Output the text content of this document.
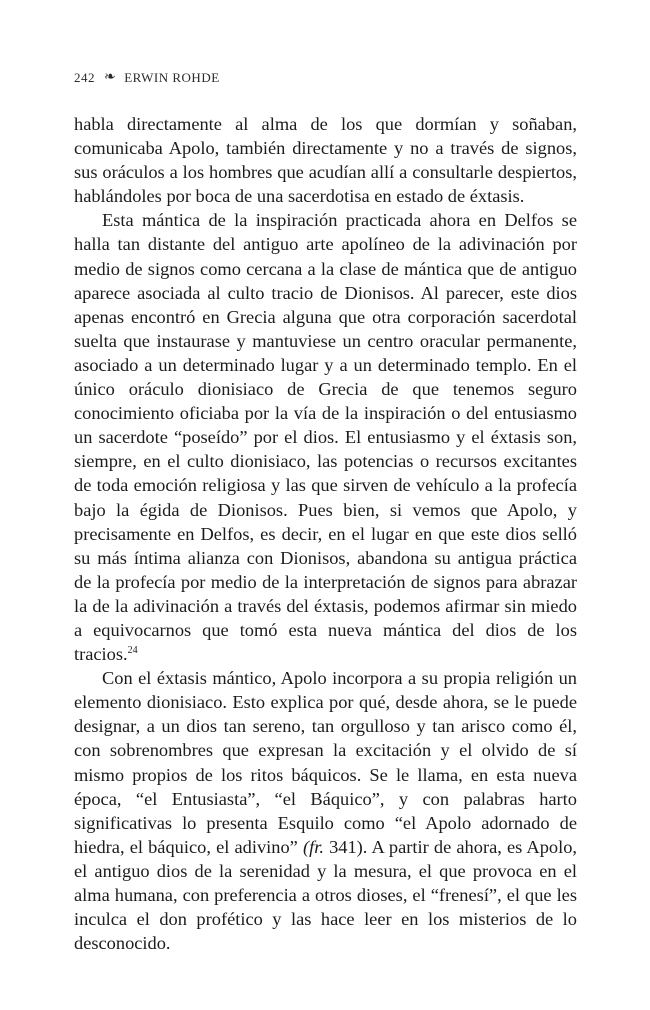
242 ❧ ERWIN ROHDE

habla directamente al alma de los que dormían y soñaban, comunicaba Apolo, también directamente y no a través de signos, sus oráculos a los hombres que acudían allí a consultarle despiertos, hablándoles por boca de una sacerdotisa en estado de éxtasis.

Esta mántica de la inspiración practicada ahora en Delfos se halla tan distante del antiguo arte apolíneo de la adivinación por medio de signos como cercana a la clase de mántica que de antiguo aparece asociada al culto tracio de Dionisos. Al parecer, este dios apenas encontró en Grecia alguna que otra corporación sacerdotal suelta que instaurase y mantuviese un centro oracular permanente, asociado a un determinado lugar y a un determinado templo. En el único oráculo dionisiaco de Grecia de que tenemos seguro conocimiento oficiaba por la vía de la inspiración o del entusiasmo un sacerdote “poseído” por el dios. El entusiasmo y el éxtasis son, siempre, en el culto dionisiaco, las potencias o recursos excitantes de toda emoción religiosa y las que sirven de vehículo a la profecía bajo la égida de Dionisos. Pues bien, si vemos que Apolo, y precisamente en Delfos, es decir, en el lugar en que este dios selló su más íntima alianza con Dionisos, abandona su antigua práctica de la profecía por medio de la interpretación de signos para abrazar la de la adivinación a través del éxtasis, podemos afirmar sin miedo a equivocarnos que tomó esta nueva mántica del dios de los tracios.$^{24}$

Con el éxtasis mántico, Apolo incorpora a su propia religión un elemento dionisiaco. Esto explica por qué, desde ahora, se le puede designar, a un dios tan sereno, tan orgulloso y tan arisco como él, con sobrenombres que expresan la excitación y el olvido de sí mismo propios de los ritos báquicos. Se le llama, en esta nueva época, “el Entusiasta”, “el Báquico”, y con palabras harto significativas lo presenta Esquilo como “el Apolo adornado de hiedra, el báquico, el adivino” (fr. 341). A partir de ahora, es Apolo, el antiguo dios de la serenidad y la mesura, el que provoca en el alma humana, con preferencia a otros dioses, el “frenesí”, el que les inculca el don profético y las hace leer en los misterios de lo desconocido.
